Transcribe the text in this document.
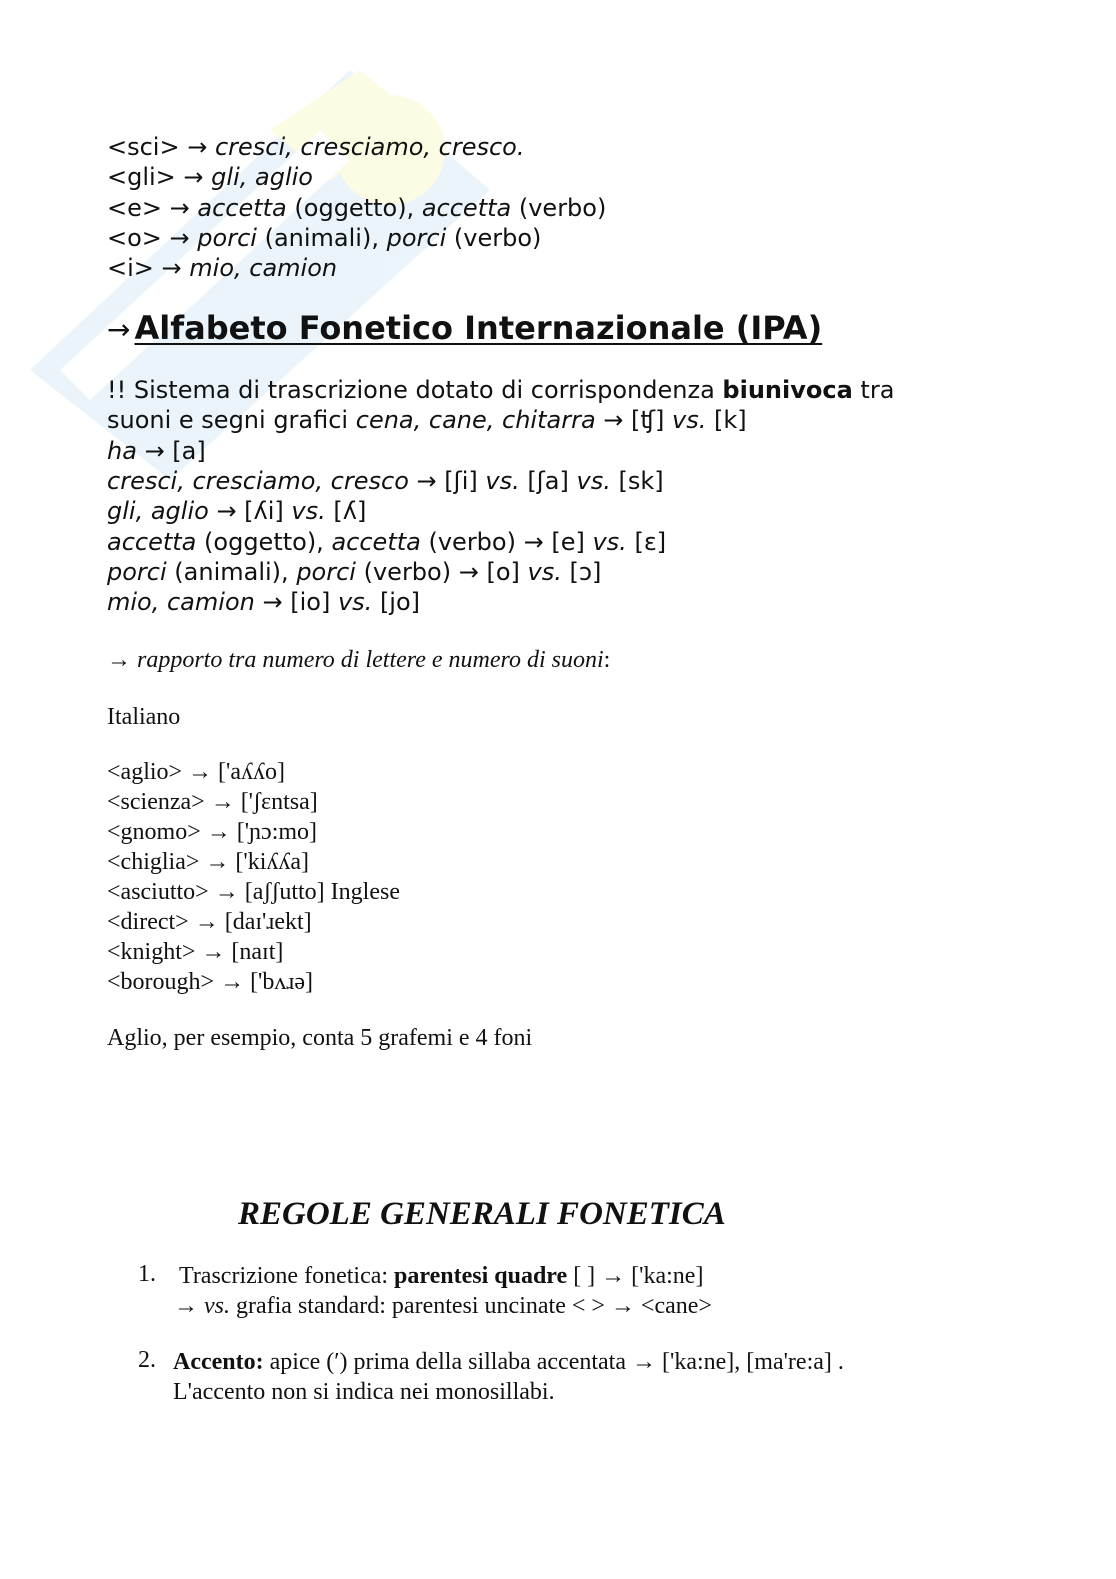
<sci> → cresci, cresciamo, cresco.
<gli> → gli, aglio
<e> → accetta (oggetto), accetta (verbo)
<o> → porci (animali), porci (verbo)
<i> → mio, camion
→ Alfabeto Fonetico Internazionale (IPA)
!! Sistema di trascrizione dotato di corrispondenza biunivoca tra
suoni e segni grafici cena, cane, chitarra → [ʧ] vs. [k]
ha → [a]
cresci, cresciamo, cresco → [ʃi] vs. [ʃa] vs. [sk]
gli, aglio → [ʎi] vs. [ʎ]
accetta (oggetto), accetta (verbo) → [e] vs. [ɛ]
porci (animali), porci (verbo) → [o] vs. [ɔ]
mio, camion → [io] vs. [jo]
→ rapporto tra numero di lettere e numero di suoni:
Italiano
<aglio> → ['aʎʎo]
<scienza> → ['ʃɛntsa]
<gnomo> → ['ɲɔ:mo]
<chiglia> → ['kiʎʎa]
<asciutto> → [aʃʃutto] Inglese
<direct> → [daɪ'ɹekt]
<knight> → [naɪt]
<borough> → ['bʌɹə]
Aglio, per esempio, conta 5 grafemi e 4 foni
REGOLE GENERALI FONETICA
1. Trascrizione fonetica: parentesi quadre [ ] → ['ka:ne]
→ vs. grafia standard: parentesi uncinate < > → <cane>
2. Accento: apice (′) prima della sillaba accentata → ['ka:ne], [ma're:a] .
L'accento non si indica nei monosillabi.
